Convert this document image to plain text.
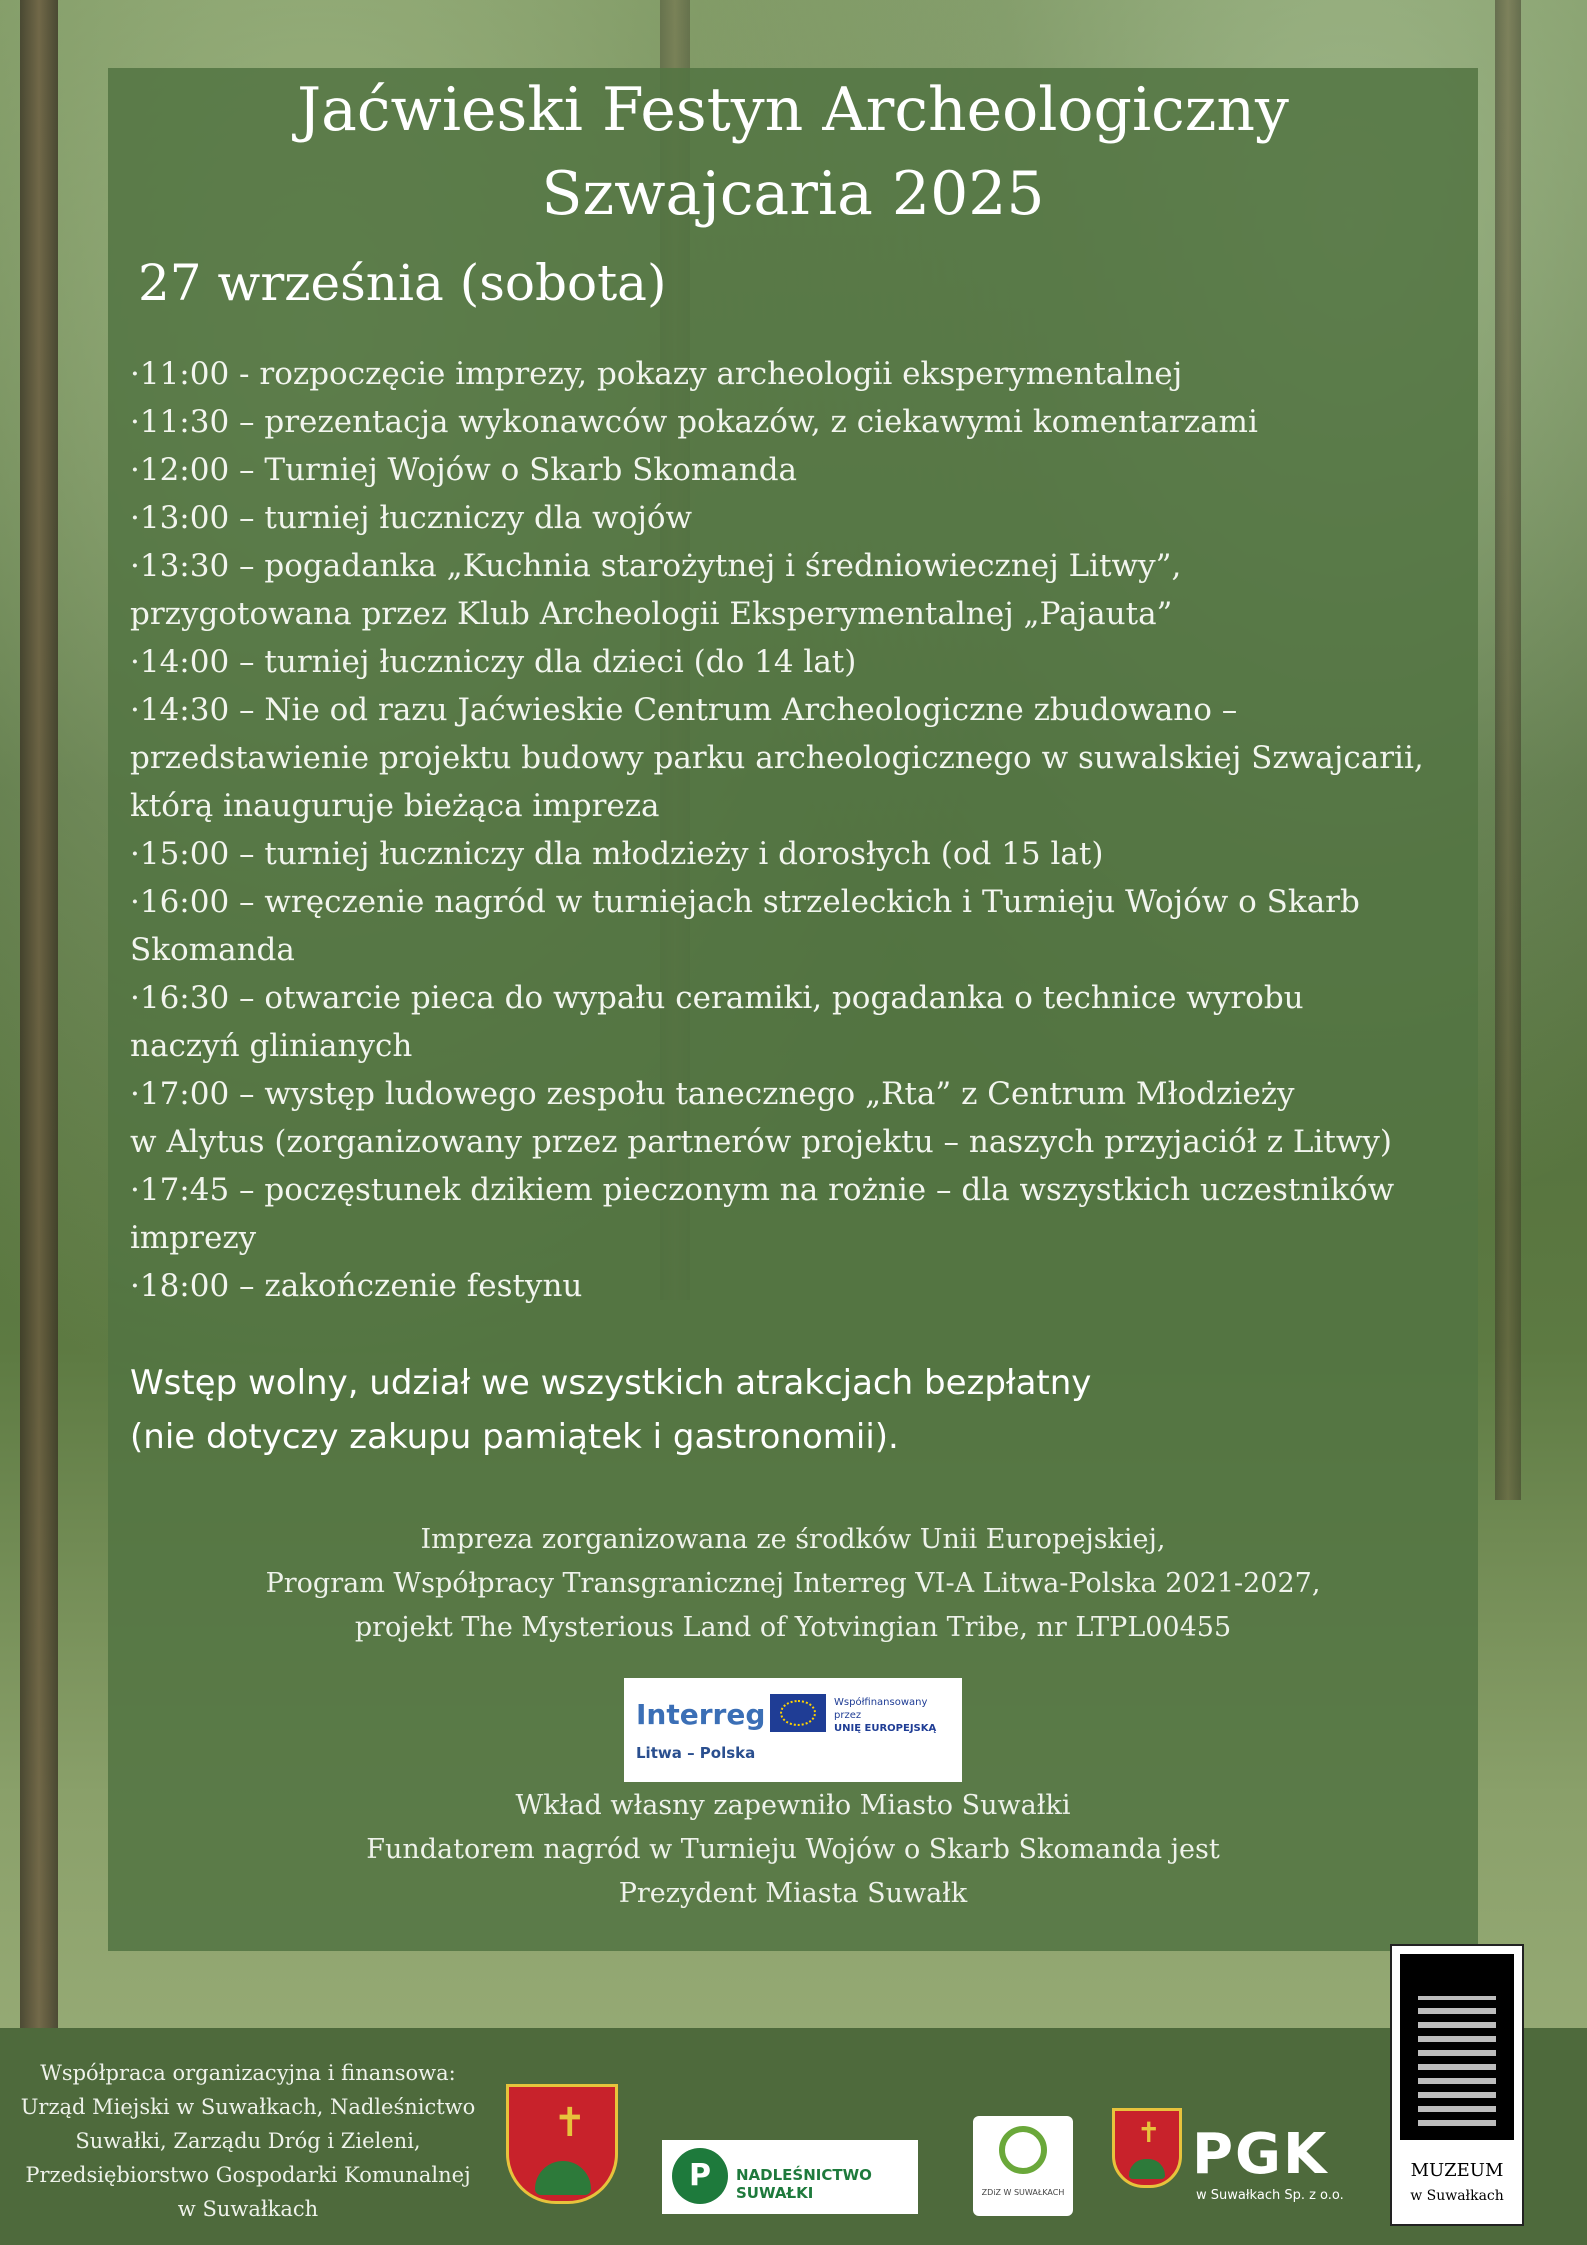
Jaćwieski Festyn Archeologiczny
Szwajcaria 2025
27 września (sobota)
·11:00 - rozpoczęcie imprezy, pokazy archeologii eksperymentalnej
·11:30 – prezentacja wykonawców pokazów, z ciekawymi komentarzami
·12:00 – Turniej Wojów o Skarb Skomanda
·13:00 – turniej łuczniczy dla wojów
·13:30 – pogadanka „Kuchnia starożytnej i średniowiecznej Litwy”,
przygotowana przez Klub Archeologii Eksperymentalnej „Pajauta”
·14:00 – turniej łuczniczy dla dzieci (do 14 lat)
·14:30 – Nie od razu Jaćwieskie Centrum Archeologiczne zbudowano –
przedstawienie projektu budowy parku archeologicznego w suwalskiej Szwajcarii,
którą inauguruje bieżąca impreza
·15:00 – turniej łuczniczy dla młodzieży i dorosłych (od 15 lat)
·16:00 – wręczenie nagród w turniejach strzeleckich i Turnieju Wojów o Skarb
Skomanda
·16:30 – otwarcie pieca do wypału ceramiki, pogadanka o technice wyrobu
naczyń glinianych
·17:00 – występ ludowego zespołu tanecznego „Rta” z Centrum Młodzieży
w Alytus (zorganizowany przez partnerów projektu – naszych przyjaciół z Litwy)
·17:45 – poczęstunek dzikiem pieczonym na rożnie – dla wszystkich uczestników
imprezy
·18:00 – zakończenie festynu
Wstęp wolny, udział we wszystkich atrakcjach bezpłatny
(nie dotyczy zakupu pamiątek i gastronomii).
Impreza zorganizowana ze środków Unii Europejskiej,
Program Współpracy Transgranicznej Interreg VI-A Litwa-Polska 2021-2027,
projekt The Mysterious Land of Yotvingian Tribe, nr LTPL00455
Interreg
Litwa – Polska
Współfinansowany przez
UNIĘ EUROPEJSKĄ
Wkład własny zapewniło Miasto Suwałki
Fundatorem nagród w Turnieju Wojów o Skarb Skomanda jest
Prezydent Miasta Suwałk
Współpraca organizacyjna i finansowa:
Urząd Miejski w Suwałkach, Nadleśnictwo
Suwałki, Zarządu Dróg i Zieleni,
Przedsiębiorstwo Gospodarki Komunalnej
w Suwałkach
✝
P	NADLEŚNICTWO SUWAŁKI	ZDiZ W SUWAŁKACH
✝ PGK
w Suwałkach Sp. z o.o.
MUZEUM
w Suwałkach
